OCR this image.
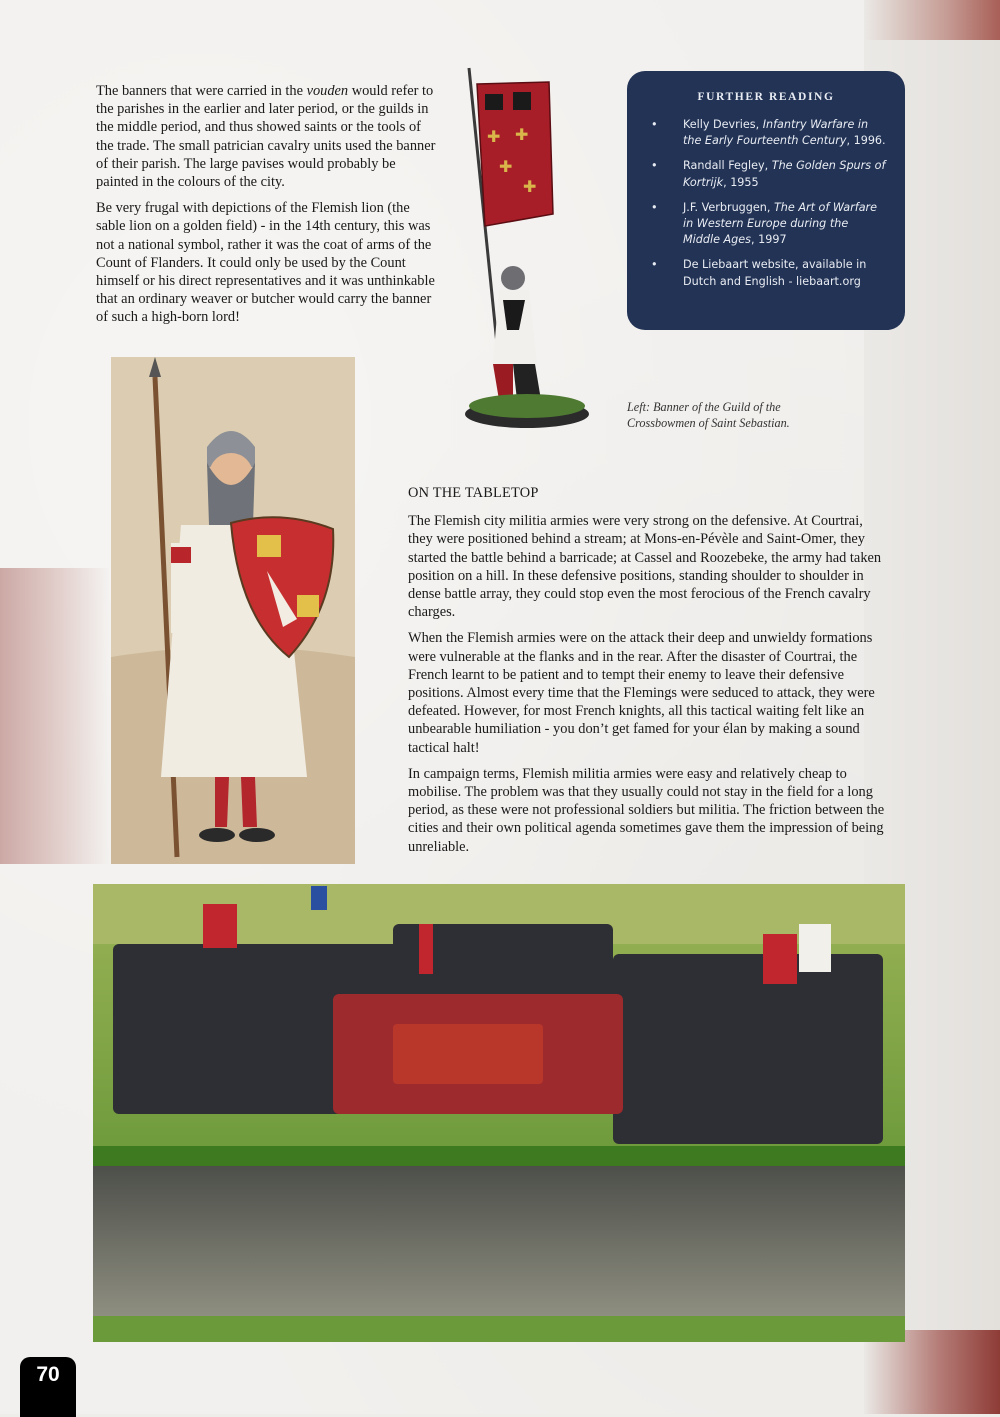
The banners that were carried in the vouden would refer to the parishes in the earlier and later period, or the guilds in the middle period, and thus showed saints or the tools of the trade. The small patrician cavalry units used the banner of their parish. The large pavises would probably be painted in the colours of the city.

Be very frugal with depictions of the Flemish lion (the sable lion on a golden field) - in the 14th century, this was not a national symbol, rather it was the coat of arms of the Count of Flanders. It could only be used by the Count himself or his direct representatives and it was unthinkable that an ordinary weaver or butcher would carry the banner of such a high-born lord!

✚ ✚
✚
✚
FURTHER READING
• Kelly Devries, Infantry Warfare in the Early Fourteenth Century, 1996.
• Randall Fegley, The Golden Spurs of Kortrijk, 1955
• J.F. Verbruggen, The Art of Warfare in Western Europe during the Middle Ages, 1997
• De Liebaart website, available in Dutch and English - liebaart.org
Left: Banner of the Guild of the Crossbowmen of Saint Sebastian.
ON THE TABLETOP

The Flemish city militia armies were very strong on the defensive. At Courtrai, they were positioned behind a stream; at Mons-en-Pévèle and Saint-Omer, they started the battle behind a barricade; at Cassel and Roozebeke, the army had taken position on a hill. In these defensive positions, standing shoulder to shoulder in dense battle array, they could stop even the most ferocious of the French cavalry charges.

When the Flemish armies were on the attack their deep and unwieldy formations were vulnerable at the flanks and in the rear. After the disaster of Courtrai, the French learnt to be patient and to tempt their enemy to leave their defensive positions. Almost every time that the Flemings were seduced to attack, they were defeated. However, for most French knights, all this tactical waiting felt like an unbearable humiliation - you don’t get famed for your élan by making a sound tactical halt!

In campaign terms, Flemish militia armies were easy and relatively cheap to mobilise. The problem was that they usually could not stay in the field for a long period, as these were not professional soldiers but militia. The friction between the cities and their own political agenda sometimes gave them the impression of being unreliable.

70
